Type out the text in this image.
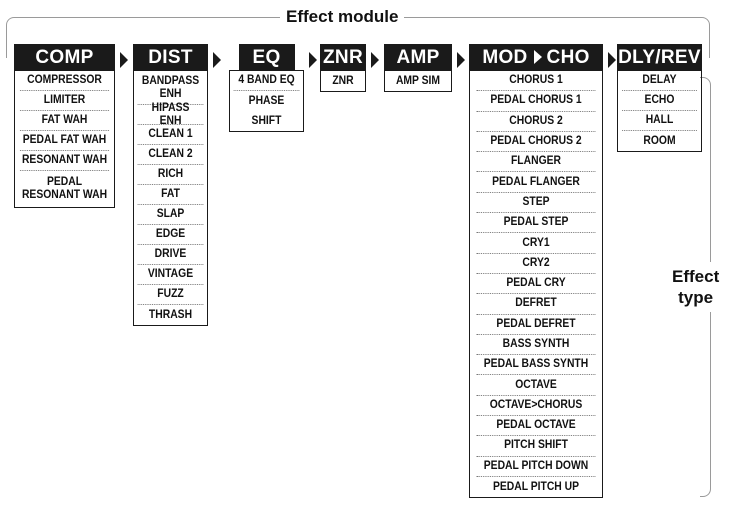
Effect module
Effect
type
COMP
COMPRESSOR
LIMITER
FAT WAH
PEDAL FAT WAH
RESONANT WAH
PEDAL
RESONANT WAH
DIST
BANDPASS
ENH
HIPASS ENH
CLEAN 1
CLEAN 2
RICH
FAT
SLAP
EDGE
DRIVE
VINTAGE
FUZZ
THRASH
EQ
4 BAND EQ
PHASE
SHIFT
ZNR
ZNR
AMP
AMP SIM
MOD CHO
CHORUS 1
PEDAL CHORUS 1
CHORUS 2
PEDAL CHORUS 2
FLANGER
PEDAL FLANGER
STEP
PEDAL STEP
CRY1
CRY2
PEDAL CRY
DEFRET
PEDAL DEFRET
BASS SYNTH
PEDAL BASS SYNTH
OCTAVE
OCTAVE>CHORUS
PEDAL OCTAVE
PITCH SHIFT
PEDAL PITCH DOWN
PEDAL PITCH UP
DLY/REV
DELAY
ECHO
HALL
ROOM
